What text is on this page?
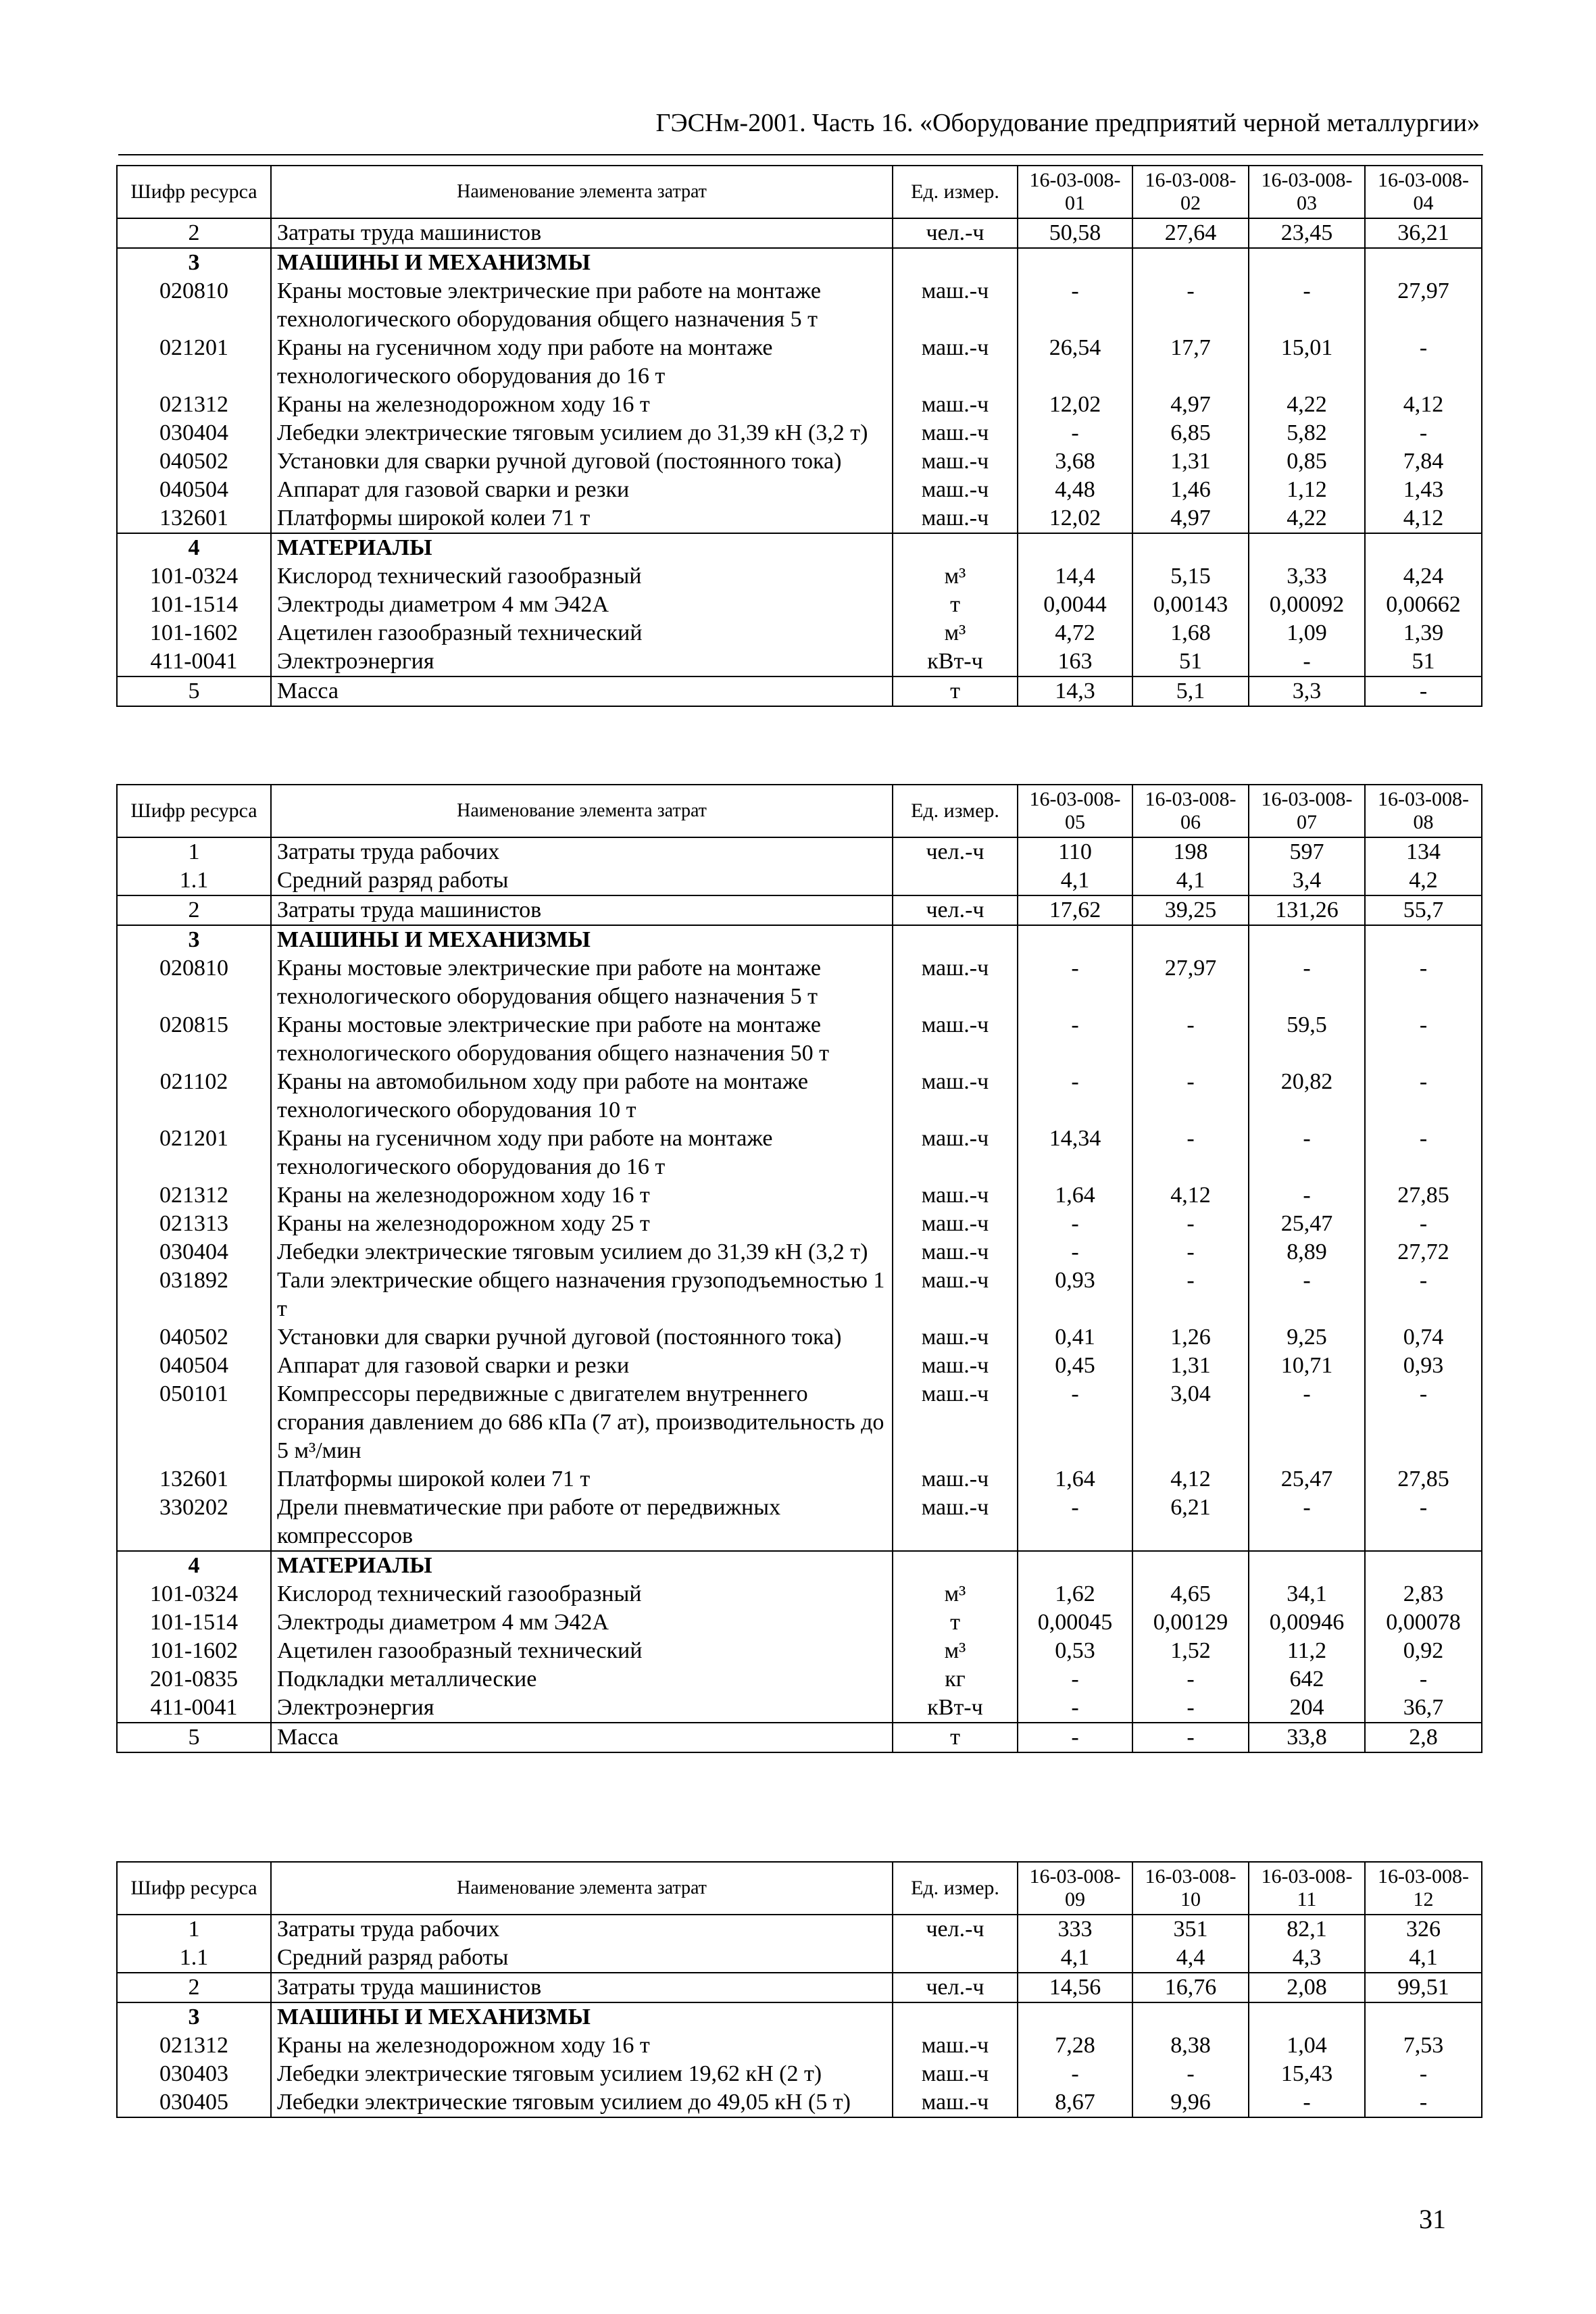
ГЭСНм-2001. Часть 16. «Оборудование предприятий черной металлургии»
Шифр ресурса	Наименование элемента затрат	Ед. измер.	16-03-008-01	16-03-008-02	16-03-008-03	16-03-008-04
2	Затраты труда машинистов	чел.-ч	50,58	27,64	23,45	36,21
3	МАШИНЫ И МЕХАНИЗМЫ					
020810	Краны мостовые электрические при работе на монтаже технологического оборудования общего назначения 5 т	маш.-ч	-	-	-	27,97
021201	Краны на гусеничном ходу при работе на монтаже технологического оборудования до 16 т	маш.-ч	26,54	17,7	15,01	-
021312	Краны на железнодорожном ходу 16 т	маш.-ч	12,02	4,97	4,22	4,12
030404	Лебедки электрические тяговым усилием до 31,39 кН (3,2 т)	маш.-ч	-	6,85	5,82	-
040502	Установки для сварки ручной дуговой (постоянного тока)	маш.-ч	3,68	1,31	0,85	7,84
040504	Аппарат для газовой сварки и резки	маш.-ч	4,48	1,46	1,12	1,43
132601	Платформы широкой колеи 71 т	маш.-ч	12,02	4,97	4,22	4,12
4	МАТЕРИАЛЫ					
101-0324	Кислород технический газообразный	м³	14,4	5,15	3,33	4,24
101-1514	Электроды диаметром 4 мм Э42А	т	0,0044	0,00143	0,00092	0,00662
101-1602	Ацетилен газообразный технический	м³	4,72	1,68	1,09	1,39
411-0041	Электроэнергия	кВт-ч	163	51	-	51
5	Масса	т	14,3	5,1	3,3	-
Шифр ресурса	Наименование элемента затрат	Ед. измер.	16-03-008-05	16-03-008-06	16-03-008-07	16-03-008-08
1	Затраты труда рабочих	чел.-ч	110	198	597	134
1.1	Средний разряд работы		4,1	4,1	3,4	4,2
2	Затраты труда машинистов	чел.-ч	17,62	39,25	131,26	55,7
3	МАШИНЫ И МЕХАНИЗМЫ					
020810	Краны мостовые электрические при работе на монтаже технологического оборудования общего назначения 5 т	маш.-ч	-	27,97	-	-
020815	Краны мостовые электрические при работе на монтаже технологического оборудования общего назначения 50 т	маш.-ч	-	-	59,5	-
021102	Краны на автомобильном ходу при работе на монтаже технологического оборудования 10 т	маш.-ч	-	-	20,82	-
021201	Краны на гусеничном ходу при работе на монтаже технологического оборудования до 16 т	маш.-ч	14,34	-	-	-
021312	Краны на железнодорожном ходу 16 т	маш.-ч	1,64	4,12	-	27,85
021313	Краны на железнодорожном ходу 25 т	маш.-ч	-	-	25,47	-
030404	Лебедки электрические тяговым усилием до 31,39 кН (3,2 т)	маш.-ч	-	-	8,89	27,72
031892	Тали электрические общего назначения грузоподъемностью 1 т	маш.-ч	0,93	-	-	-
040502	Установки для сварки ручной дуговой (постоянного тока)	маш.-ч	0,41	1,26	9,25	0,74
040504	Аппарат для газовой сварки и резки	маш.-ч	0,45	1,31	10,71	0,93
050101	Компрессоры передвижные с двигателем внутреннего сгорания давлением до 686 кПа (7 ат), производительность до 5 м³/мин	маш.-ч	-	3,04	-	-
132601	Платформы широкой колеи 71 т	маш.-ч	1,64	4,12	25,47	27,85
330202	Дрели пневматические при работе от передвижных компрессоров	маш.-ч	-	6,21	-	-
4	МАТЕРИАЛЫ					
101-0324	Кислород технический газообразный	м³	1,62	4,65	34,1	2,83
101-1514	Электроды диаметром 4 мм Э42А	т	0,00045	0,00129	0,00946	0,00078
101-1602	Ацетилен газообразный технический	м³	0,53	1,52	11,2	0,92
201-0835	Подкладки металлические	кг	-	-	642	-
411-0041	Электроэнергия	кВт-ч	-	-	204	36,7
5	Масса	т	-	-	33,8	2,8
Шифр ресурса	Наименование элемента затрат	Ед. измер.	16-03-008-09	16-03-008-10	16-03-008-11	16-03-008-12
1	Затраты труда рабочих	чел.-ч	333	351	82,1	326
1.1	Средний разряд работы		4,1	4,4	4,3	4,1
2	Затраты труда машинистов	чел.-ч	14,56	16,76	2,08	99,51
3	МАШИНЫ И МЕХАНИЗМЫ					
021312	Краны на железнодорожном ходу 16 т	маш.-ч	7,28	8,38	1,04	7,53
030403	Лебедки электрические тяговым усилием 19,62 кН (2 т)	маш.-ч	-	-	15,43	-
030405	Лебедки электрические тяговым усилием до 49,05 кН (5 т)	маш.-ч	8,67	9,96	-	-
31
